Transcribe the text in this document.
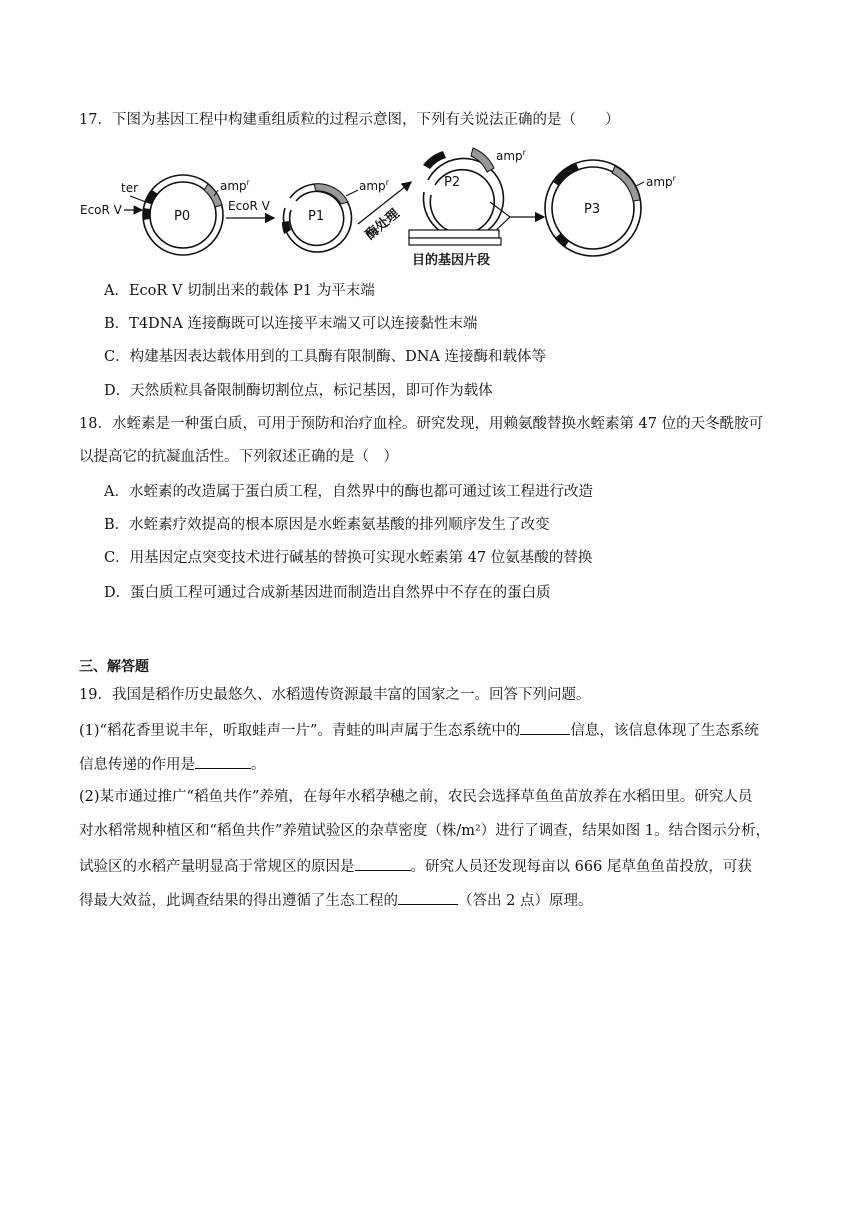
17．下图为基因工程中构建重组质粒的过程示意图，下列有关说法正确的是（　　）
P0
ter
EcoR V
amp$^r$
EcoR V
P1
amp$^r$
酶处理
P2
amp$^r$
目的基因片段
P3
amp$^r$
A．EcoR V 切制出来的载体 P1 为平末端
B．T4DNA 连接酶既可以连接平末端又可以连接黏性末端
C．构建基因表达载体用到的工具酶有限制酶、DNA 连接酶和载体等
D．天然质粒具备限制酶切割位点，标记基因，即可作为载体
18．水蛭素是一种蛋白质，可用于预防和治疗血栓。研究发现，用赖氨酸替换水蛭素第 47 位的天冬酰胺可
以提高它的抗凝血活性。下列叙述正确的是（　）
A．水蛭素的改造属于蛋白质工程，自然界中的酶也都可通过该工程进行改造
B．水蛭素疗效提高的根本原因是水蛭素氨基酸的排列顺序发生了改变
C．用基因定点突变技术进行碱基的替换可实现水蛭素第 47 位氨基酸的替换
D．蛋白质工程可通过合成新基因进而制造出自然界中不存在的蛋白质
三、解答题
19．我国是稻作历史最悠久、水稻遗传资源最丰富的国家之一。回答下列问题。
(1)“稻花香里说丰年，听取蛙声一片”。青蛙的叫声属于生态系统中的	信息，该信息体现了生态系统
信息传递的作用是	。
(2)某市通过推广“稻鱼共作”养殖，在每年水稻孕穗之前，农民会选择草鱼鱼苗放养在水稻田里。研究人员
对水稻常规种植区和“稻鱼共作”养殖试验区的杂草密度（株/m²）进行了调查，结果如图 1。结合图示分析，
试验区的水稻产量明显高于常规区的原因是	。研究人员还发现每亩以 666 尾草鱼鱼苗投放，可获
得最大效益，此调查结果的得出遵循了生态工程的	（答出 2 点）原理。
